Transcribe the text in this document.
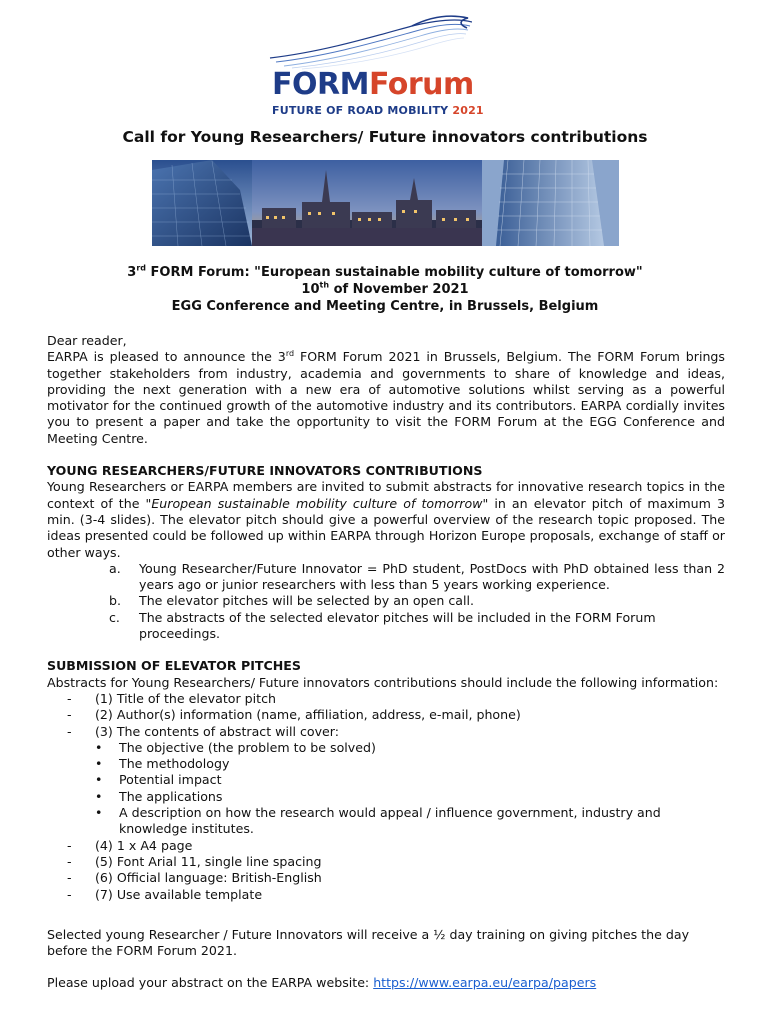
FORMForum
FUTURE OF ROAD MOBILITY 2021
Call for Young Researchers/ Future innovators contributions
3rd FORM Forum: "European sustainable mobility culture of tomorrow"
10th of November 2021
EGG Conference and Meeting Centre, in Brussels, Belgium
Dear reader,
EARPA is pleased to announce the 3rd FORM Forum 2021 in Brussels, Belgium. The FORM Forum brings together stakeholders from industry, academia and governments to share of knowledge and ideas, providing the next generation with a new era of automotive solutions whilst serving as a powerful motivator for the continued growth of the automotive industry and its contributors. EARPA cordially invites you to present a paper and take the opportunity to visit the FORM Forum at the EGG Conference and Meeting Centre.
YOUNG RESEARCHERS/FUTURE INNOVATORS CONTRIBUTIONS
Young Researchers or EARPA members are invited to submit abstracts for innovative research topics in the context of the "European sustainable mobility culture of tomorrow" in an elevator pitch of maximum 3 min. (3-4 slides). The elevator pitch should give a powerful overview of the research topic proposed. The ideas presented could be followed up within EARPA through Horizon Europe proposals, exchange of staff or other ways.
a.	Young Researcher/Future Innovator = PhD student, PostDocs with PhD obtained less than 2 years ago or junior researchers with less than 5 years working experience.
b.	The elevator pitches will be selected by an open call.
c.	The abstracts of the selected elevator pitches will be included in the FORM Forum proceedings.
SUBMISSION OF ELEVATOR PITCHES
Abstracts for Young Researchers/ Future innovators contributions should include the following information:
-	(1) Title of the elevator pitch
-	(2) Author(s) information (name, affiliation, address, e-mail, phone)
-	(3) The contents of abstract will cover:
•	The objective (the problem to be solved)
•	The methodology
•	Potential impact
•	The applications
•	A description on how the research would appeal / influence government, industry and knowledge institutes.
-	(4) 1 x A4 page
-	(5) Font Arial 11, single line spacing
-	(6) Official language: British-English
-	(7) Use available template
Selected young Researcher / Future Innovators will receive a ½ day training on giving pitches the day before the FORM Forum 2021.
Please upload your abstract on the EARPA website: https://www.earpa.eu/earpa/papers
